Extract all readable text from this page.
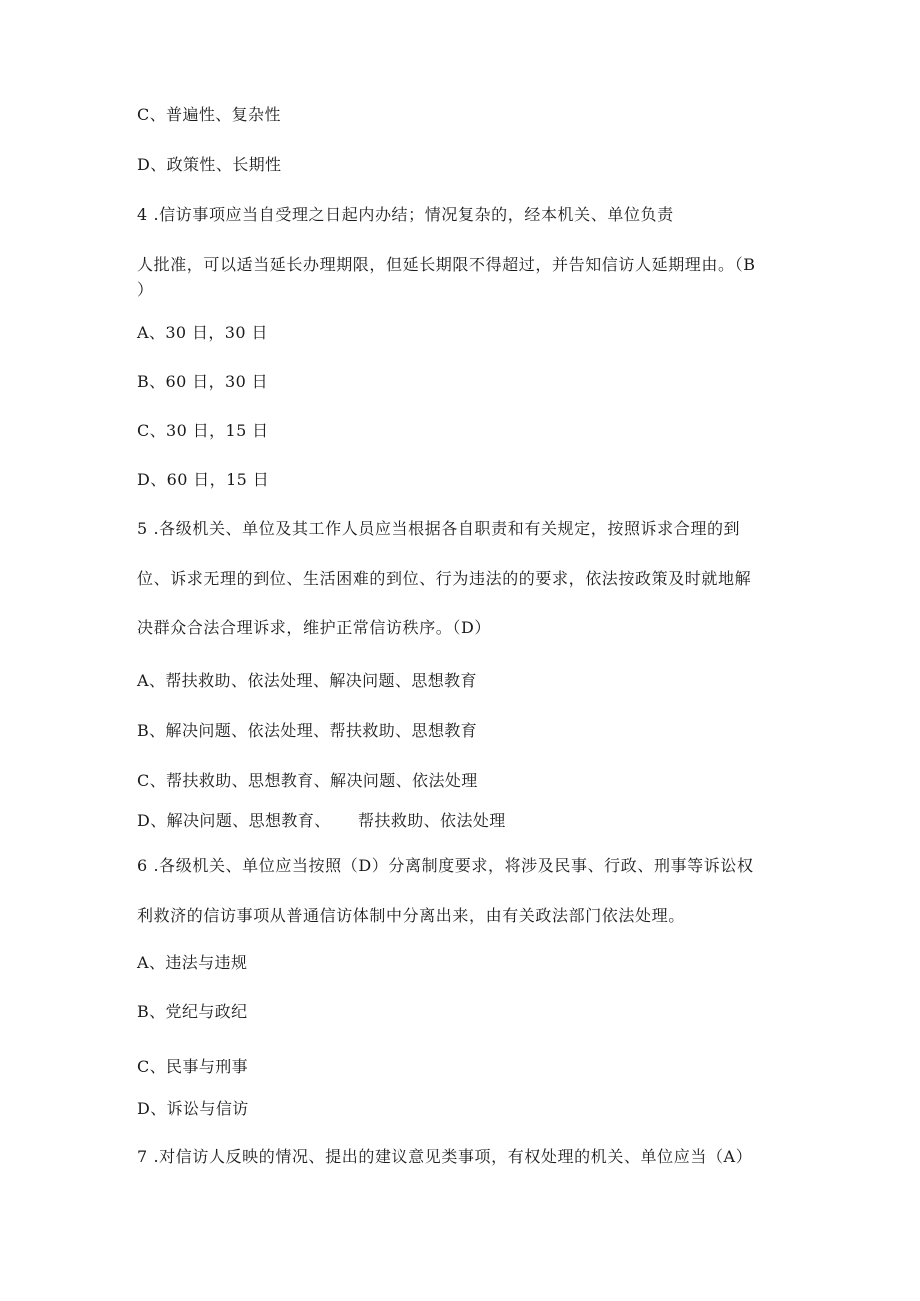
C、普遍性、复杂性

D、政策性、长期性

4 .信访事项应当自受理之日起内办结；情况复杂的，经本机关、单位负责

人批准，可以适当延长办理期限，但延长期限不得超过，并告知信访人延期理由。（B

）

A、30 日，30 日

B、60 日，30 日

C、30 日，15 日

D、60 日，15 日

5 .各级机关、单位及其工作人员应当根据各自职责和有关规定，按照诉求合理的到

位、诉求无理的到位、生活困难的到位、行为违法的的要求，依法按政策及时就地解

决群众合法合理诉求，维护正常信访秩序。（D）

A、帮扶救助、依法处理、解决问题、思想教育

B、解决问题、依法处理、帮扶救助、思想教育

C、帮扶救助、思想教育、解决问题、依法处理

D、解决问题、思想教育、     帮扶救助、依法处理

6 .各级机关、单位应当按照（D）分离制度要求，将涉及民事、行政、刑事等诉讼权

利救济的信访事项从普通信访体制中分离出来，由有关政法部门依法处理。

A、违法与违规

B、党纪与政纪

C、民事与刑事

D、诉讼与信访

7 .对信访人反映的情况、提出的建议意见类事项，有权处理的机关、单位应当（A）
